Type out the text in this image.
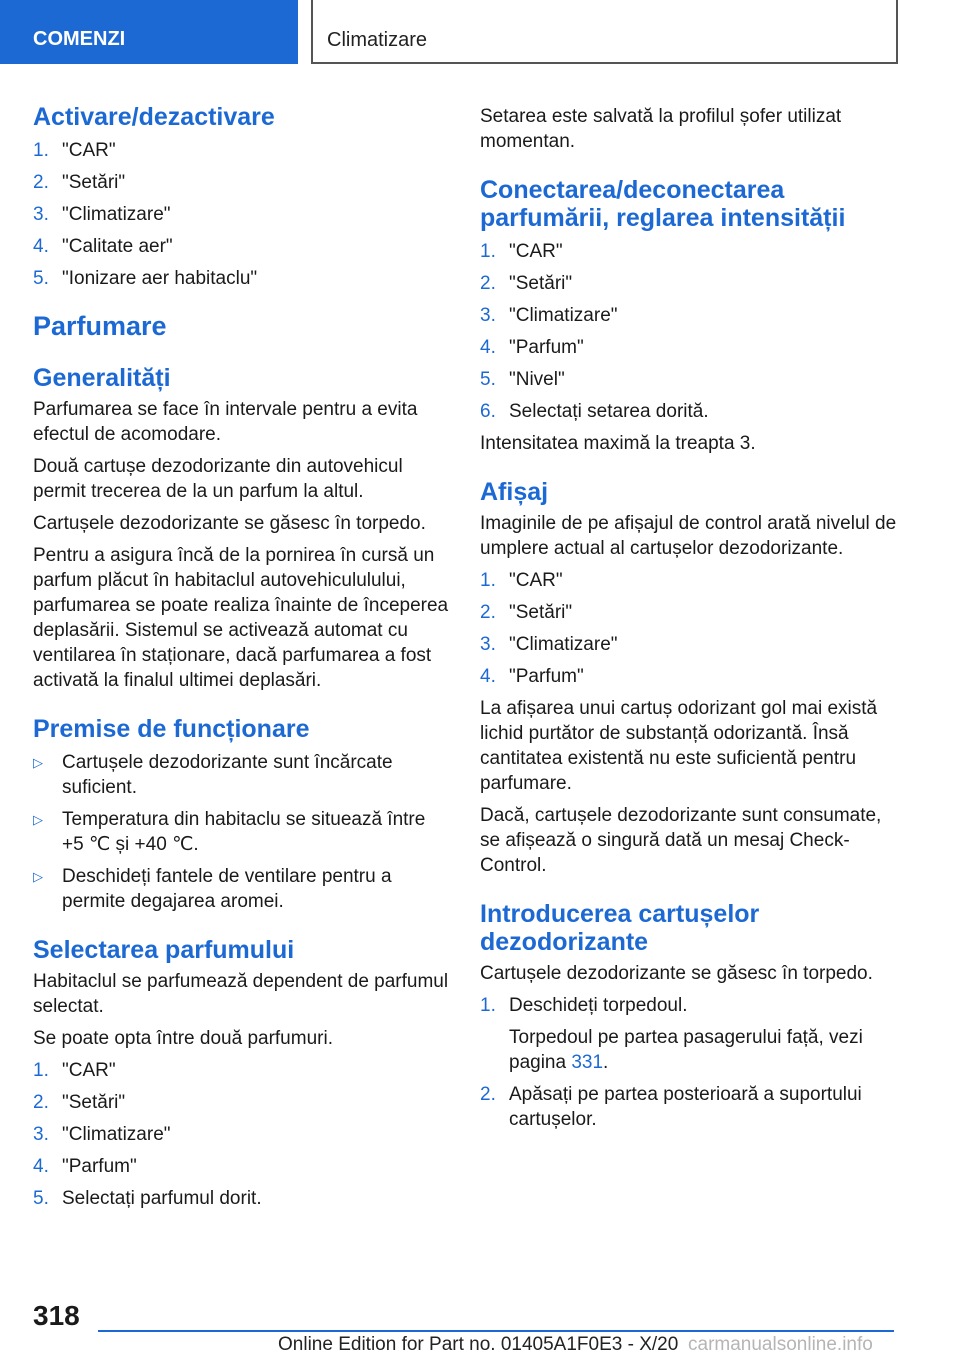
COMENZI	Climatizare
Activare/dezactivare
1. "CAR"
2. "Setări"
3. "Climatizare"
4. "Calitate aer"
5. "Ionizare aer habitaclu"
Parfumare
Generalități

Parfumarea se face în intervale pentru a evita efectul de acomodare.

Două cartușe dezodorizante din autovehicul permit trecerea de la un parfum la altul.

Cartușele dezodorizante se găsesc în torpedo.

Pentru a asigura încă de la pornirea în cursă un parfum plăcut în habitaclul autovehicululului, parfumarea se poate realiza înainte de începerea deplasării. Sistemul se activează automat cu ventilarea în staționare, dacă parfumarea a fost activată la finalul ultimei deplasări.

Premise de funcționare
▷ Cartușele dezodorizante sunt încărcate suficient.
▷ Temperatura din habitaclu se situează între +5 ℃ și +40 ℃.
▷ Deschideți fantele de ventilare pentru a permite degajarea aromei.
Selectarea parfumului

Habitaclul se parfumează dependent de parfumul selectat.

Se poate opta între două parfumuri.

1. "CAR"
2. "Setări"
3. "Climatizare"
4. "Parfum"
5. Selectați parfumul dorit.

Setarea este salvată la profilul șofer utilizat momentan.

Conectarea/deconectarea parfumării, reglarea intensității
1. "CAR"
2. "Setări"
3. "Climatizare"
4. "Parfum"
5. "Nivel"
6. Selectați setarea dorită.

Intensitatea maximă la treapta 3.

Afișaj

Imaginile de pe afișajul de control arată nivelul de umplere actual al cartușelor dezodorizante.

1. "CAR"
2. "Setări"
3. "Climatizare"
4. "Parfum"

La afișarea unui cartuș odorizant gol mai există lichid purtător de substanță odorizantă. Însă cantitatea existentă nu este suficientă pentru parfumare.

Dacă, cartușele dezodorizante sunt consumate, se afișează o singură dată un mesaj Check-Control.

Introducerea cartușelor dezodorizante

Cartușele dezodorizante se găsesc în torpedo.

1. Deschideți torpedoul.
Torpedoul pe partea pasagerului față, vezi pagina 331.
2. Apăsați pe partea posterioară a suportului cartușelor.
318
Online Edition for Part no. 01405A1F0E3 - X/20 carmanualsonline.info
